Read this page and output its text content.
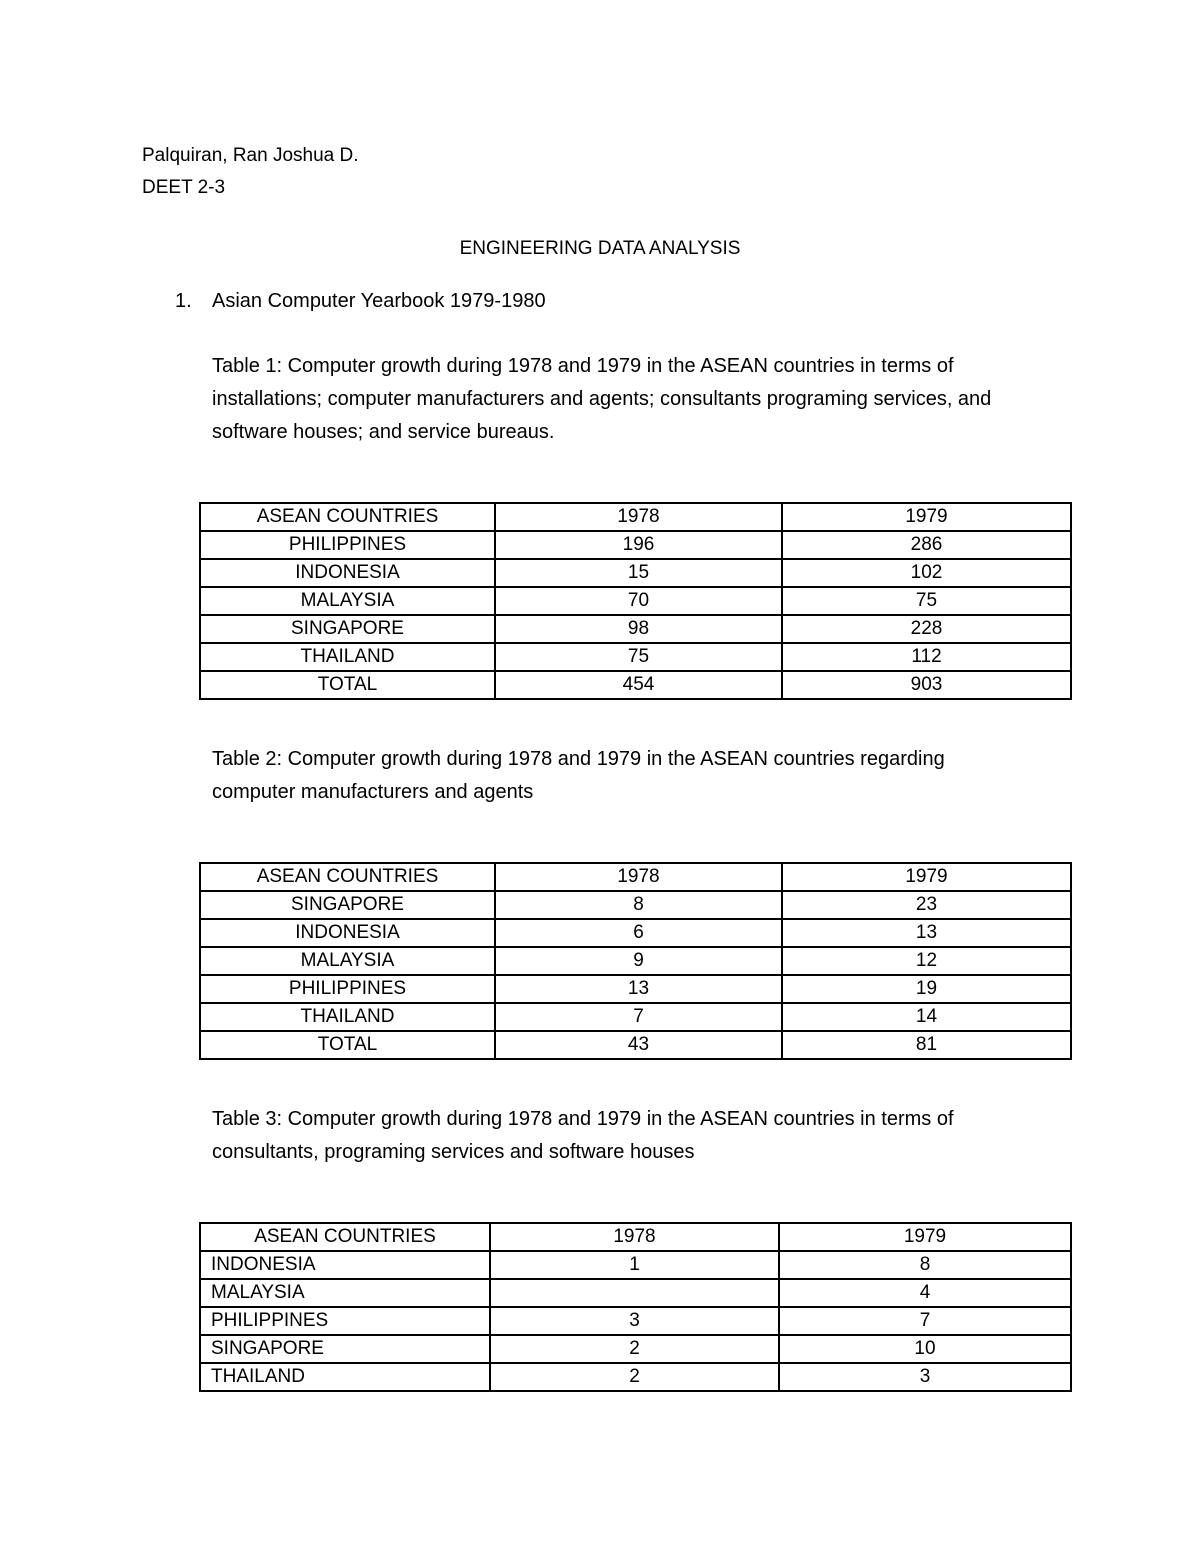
Palquiran, Ran Joshua D.
DEET 2-3
ENGINEERING DATA ANALYSIS
1. Asian Computer Yearbook 1979-1980
Table 1: Computer growth during 1978 and 1979 in the ASEAN countries in terms of
installations; computer manufacturers and agents; consultants programing services, and
software houses; and service bureaus.
ASEAN COUNTRIES	1978	1979
PHILIPPINES	196	286
INDONESIA	15	102
MALAYSIA	70	75
SINGAPORE	98	228
THAILAND	75	112
TOTAL	454	903
Table 2: Computer growth during 1978 and 1979 in the ASEAN countries regarding
computer manufacturers and agents
ASEAN COUNTRIES	1978	1979
SINGAPORE	8	23
INDONESIA	6	13
MALAYSIA	9	12
PHILIPPINES	13	19
THAILAND	7	14
TOTAL	43	81
Table 3: Computer growth during 1978 and 1979 in the ASEAN countries in terms of
consultants, programing services and software houses
ASEAN COUNTRIES	1978	1979
INDONESIA	1	8
MALAYSIA		4
PHILIPPINES	3	7
SINGAPORE	2	10
THAILAND	2	3
